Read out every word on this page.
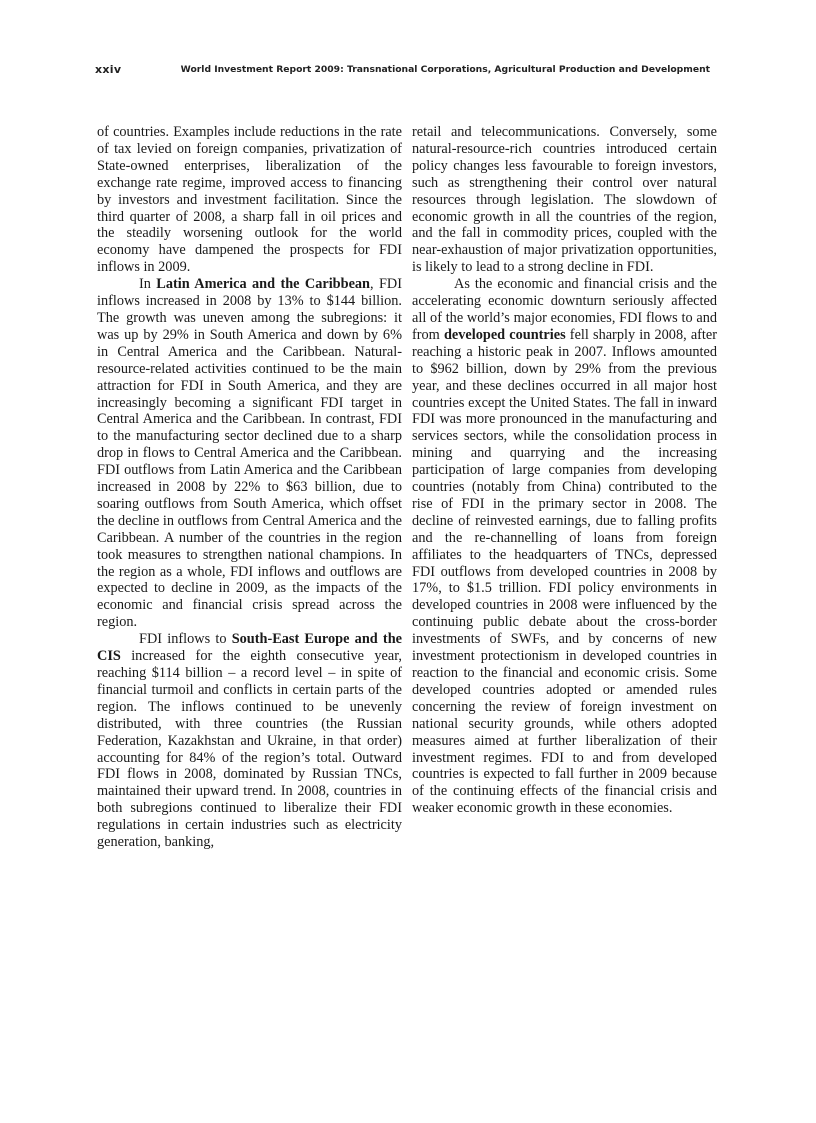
xxiv	World Investment Report 2009: Transnational Corporations, Agricultural Production and Development

of countries. Examples include reductions in the rate of tax levied on foreign companies, privatization of State-owned enterprises, liberalization of the exchange rate regime, improved access to financing by investors and investment facilitation. Since the third quarter of 2008, a sharp fall in oil prices and the steadily worsening outlook for the world economy have dampened the prospects for FDI inflows in 2009.

In Latin America and the Caribbean, FDI inflows increased in 2008 by 13% to $144 billion. The growth was uneven among the subregions: it was up by 29% in South America and down by 6% in Central America and the Caribbean. Natural-resource-related activities continued to be the main attraction for FDI in South America, and they are increasingly becoming a significant FDI target in Central America and the Caribbean. In contrast, FDI to the manufacturing sector declined due to a sharp drop in flows to Central America and the Caribbean. FDI outflows from Latin America and the Caribbean increased in 2008 by 22% to $63 billion, due to soaring outflows from South America, which offset the decline in outflows from Central America and the Caribbean. A number of the countries in the region took measures to strengthen national champions. In the region as a whole, FDI inflows and outflows are expected to decline in 2009, as the impacts of the economic and financial crisis spread across the region.

FDI inflows to South-East Europe and the CIS increased for the eighth consecutive year, reaching $114 billion – a record level – in spite of financial turmoil and conflicts in certain parts of the region. The inflows continued to be unevenly distributed, with three countries (the Russian Federation, Kazakhstan and Ukraine, in that order) accounting for 84% of the region’s total. Outward FDI flows in 2008, dominated by Russian TNCs, maintained their upward trend. In 2008, countries in both subregions continued to liberalize their FDI regulations in certain industries such as electricity generation, banking,

retail and telecommunications. Conversely, some natural-resource-rich countries introduced certain policy changes less favourable to foreign investors, such as strengthening their control over natural resources through legislation. The slowdown of economic growth in all the countries of the region, and the fall in commodity prices, coupled with the near-exhaustion of major privatization opportunities, is likely to lead to a strong decline in FDI.

As the economic and financial crisis and the accelerating economic downturn seriously affected all of the world’s major economies, FDI flows to and from developed countries fell sharply in 2008, after reaching a historic peak in 2007. Inflows amounted to $962 billion, down by 29% from the previous year, and these declines occurred in all major host countries except the United States. The fall in inward FDI was more pronounced in the manufacturing and services sectors, while the consolidation process in mining and quarrying and the increasing participation of large companies from developing countries (notably from China) contributed to the rise of FDI in the primary sector in 2008. The decline of reinvested earnings, due to falling profits and the re-channelling of loans from foreign affiliates to the headquarters of TNCs, depressed FDI outflows from developed countries in 2008 by 17%, to $1.5 trillion. FDI policy environments in developed countries in 2008 were influenced by the continuing public debate about the cross-border investments of SWFs, and by concerns of new investment protectionism in developed countries in reaction to the financial and economic crisis. Some developed countries adopted or amended rules concerning the review of foreign investment on national security grounds, while others adopted measures aimed at further liberalization of their investment regimes. FDI to and from developed countries is expected to fall further in 2009 because of the continuing effects of the financial crisis and weaker economic growth in these economies.
